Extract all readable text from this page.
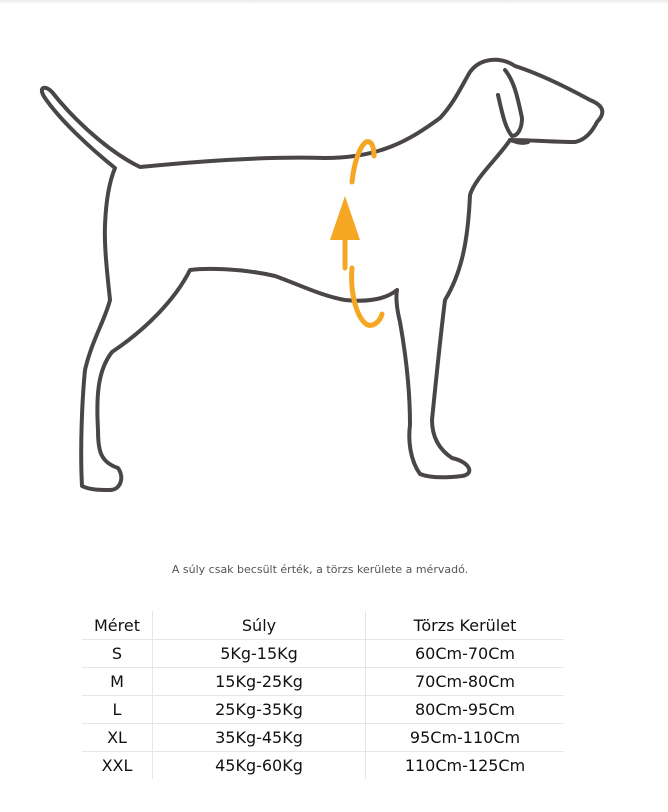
A súly csak becsült érték, a törzs kerülete a mérvadó.
Méret	Súly	Törzs Kerület
S	5Kg-15Kg	60Cm-70Cm
M	15Kg-25Kg	70Cm-80Cm
L	25Kg-35Kg	80Cm-95Cm
XL	35Kg-45Kg	95Cm-110Cm
XXL	45Kg-60Kg	110Cm-125Cm
